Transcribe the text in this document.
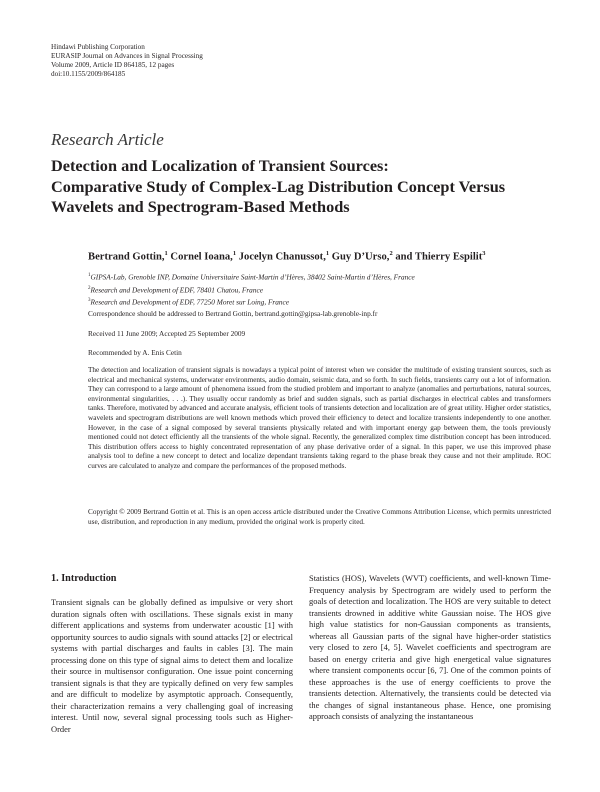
Hindawi Publishing Corporation
EURASIP Journal on Advances in Signal Processing
Volume 2009, Article ID 864185, 12 pages
doi:10.1155/2009/864185
Research Article
Detection and Localization of Transient Sources:
Comparative Study of Complex-Lag Distribution Concept Versus
Wavelets and Spectrogram-Based Methods
Bertrand Gottin,$^1$ Cornel Ioana,$^1$ Jocelyn Chanussot,$^1$ Guy D’Urso,$^2$ and Thierry Espilit$^3$
$^1$GIPSA-Lab, Grenoble INP, Domaine Universitaire Saint-Martin d’Hères, 38402 Saint-Martin d’Hères, France
$^2$Research and Development of EDF, 78401 Chatou, France
$^3$Research and Development of EDF, 77250 Moret sur Loing, France
Correspondence should be addressed to Bertrand Gottin, bertrand.gottin@gipsa-lab.grenoble-inp.fr
Received 11 June 2009; Accepted 25 September 2009
Recommended by A. Enis Cetin

The detection and localization of transient signals is nowadays a typical point of interest when we consider the multitude of existing transient sources, such as electrical and mechanical systems, underwater environments, audio domain, seismic data, and so forth. In such fields, transients carry out a lot of information. They can correspond to a large amount of phenomena issued from the studied problem and important to analyze (anomalies and perturbations, natural sources, environmental singularities, . . .). They usually occur randomly as brief and sudden signals, such as partial discharges in electrical cables and transformers tanks. Therefore, motivated by advanced and accurate analysis, efficient tools of transients detection and localization are of great utility. Higher order statistics, wavelets and spectrogram distributions are well known methods which proved their efficiency to detect and localize transients independently to one another. However, in the case of a signal composed by several transients physically related and with important energy gap between them, the tools previously mentioned could not detect efficiently all the transients of the whole signal. Recently, the generalized complex time distribution concept has been introduced. This distribution offers access to highly concentrated representation of any phase derivative order of a signal. In this paper, we use this improved phase analysis tool to define a new concept to detect and localize dependant transients taking regard to the phase break they cause and not their amplitude. ROC curves are calculated to analyze and compare the performances of the proposed methods.

Copyright © 2009 Bertrand Gottin et al. This is an open access article distributed under the Creative Commons Attribution License, which permits unrestricted use, distribution, and reproduction in any medium, provided the original work is properly cited.

1. Introduction

Transient signals can be globally defined as impulsive or very short duration signals often with oscillations. These signals exist in many different applications and systems from underwater acoustic [1] with opportunity sources to audio signals with sound attacks [2] or electrical systems with partial discharges and faults in cables [3]. The main processing done on this type of signal aims to detect them and localize their source in multisensor configuration. One issue point concerning transient signals is that they are typically defined on very few samples and are difficult to modelize by asymptotic approach. Consequently, their characterization remains a very challenging goal of increasing interest. Until now, several signal processing tools such as Higher-Order

Statistics (HOS), Wavelets (WVT) coefficients, and well-known Time-Frequency analysis by Spectrogram are widely used to perform the goals of detection and localization. The HOS are very suitable to detect transients drowned in additive white Gaussian noise. The HOS give high value statistics for non-Gaussian components as transients, whereas all Gaussian parts of the signal have higher-order statistics very closed to zero [4, 5]. Wavelet coefficients and spectrogram are based on energy criteria and give high energetical value signatures where transient components occur [6, 7]. One of the common points of these approaches is the use of energy coefficients to prove the transients detection. Alternatively, the transients could be detected via the changes of signal instantaneous phase. Hence, one promising approach consists of analyzing the instantaneous
